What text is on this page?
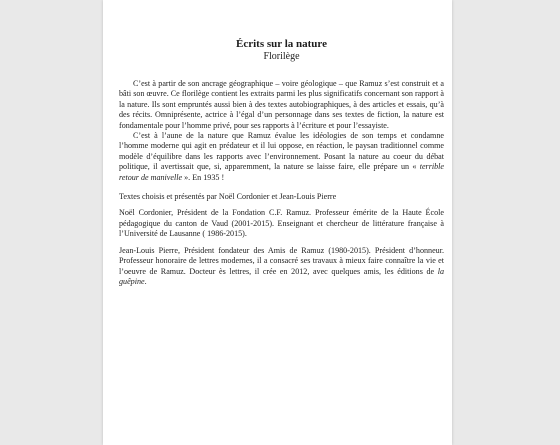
Écrits sur la nature
Florilège

C’est à partir de son ancrage géographique – voire géologique – que Ramuz s’est construit et a bâti son œuvre. Ce florilège contient les extraits parmi les plus significatifs concernant son rapport à la nature. Ils sont empruntés aussi bien à des textes autobiographiques, à des articles et essais, qu’à des récits. Omniprésente, actrice à l’égal d’un personnage dans ses textes de fiction, la nature est fondamentale pour l’homme privé, pour ses rapports à l’écriture et pour l’essayiste.

C’est à l’aune de la nature que Ramuz évalue les idéologies de son temps et condamne l’homme moderne qui agit en prédateur et il lui oppose, en réaction, le paysan traditionnel comme modèle d’équilibre dans les rapports avec l’environnement. Posant la nature au coeur du débat politique, il avertissait que, si, apparemment, la nature se laisse faire, elle prépare un « terrible retour de manivelle ». En 1935 !

Textes choisis et présentés par Noël Cordonier et Jean-Louis Pierre

Noël Cordonier, Président de la Fondation C.F. Ramuz. Professeur émérite de la Haute École pédagogique du canton de Vaud (2001-2015). Enseignant et chercheur de littérature française à l’Université de Lausanne ( 1986-2015).

Jean-Louis Pierre, Président fondateur des Amis de Ramuz (1980-2015). Président d’honneur. Professeur honoraire de lettres modernes, il a consacré ses travaux à mieux faire connaître la vie et l’oeuvre de Ramuz. Docteur ès lettres, il crée en 2012, avec quelques amis, les éditions de la guêpine.
